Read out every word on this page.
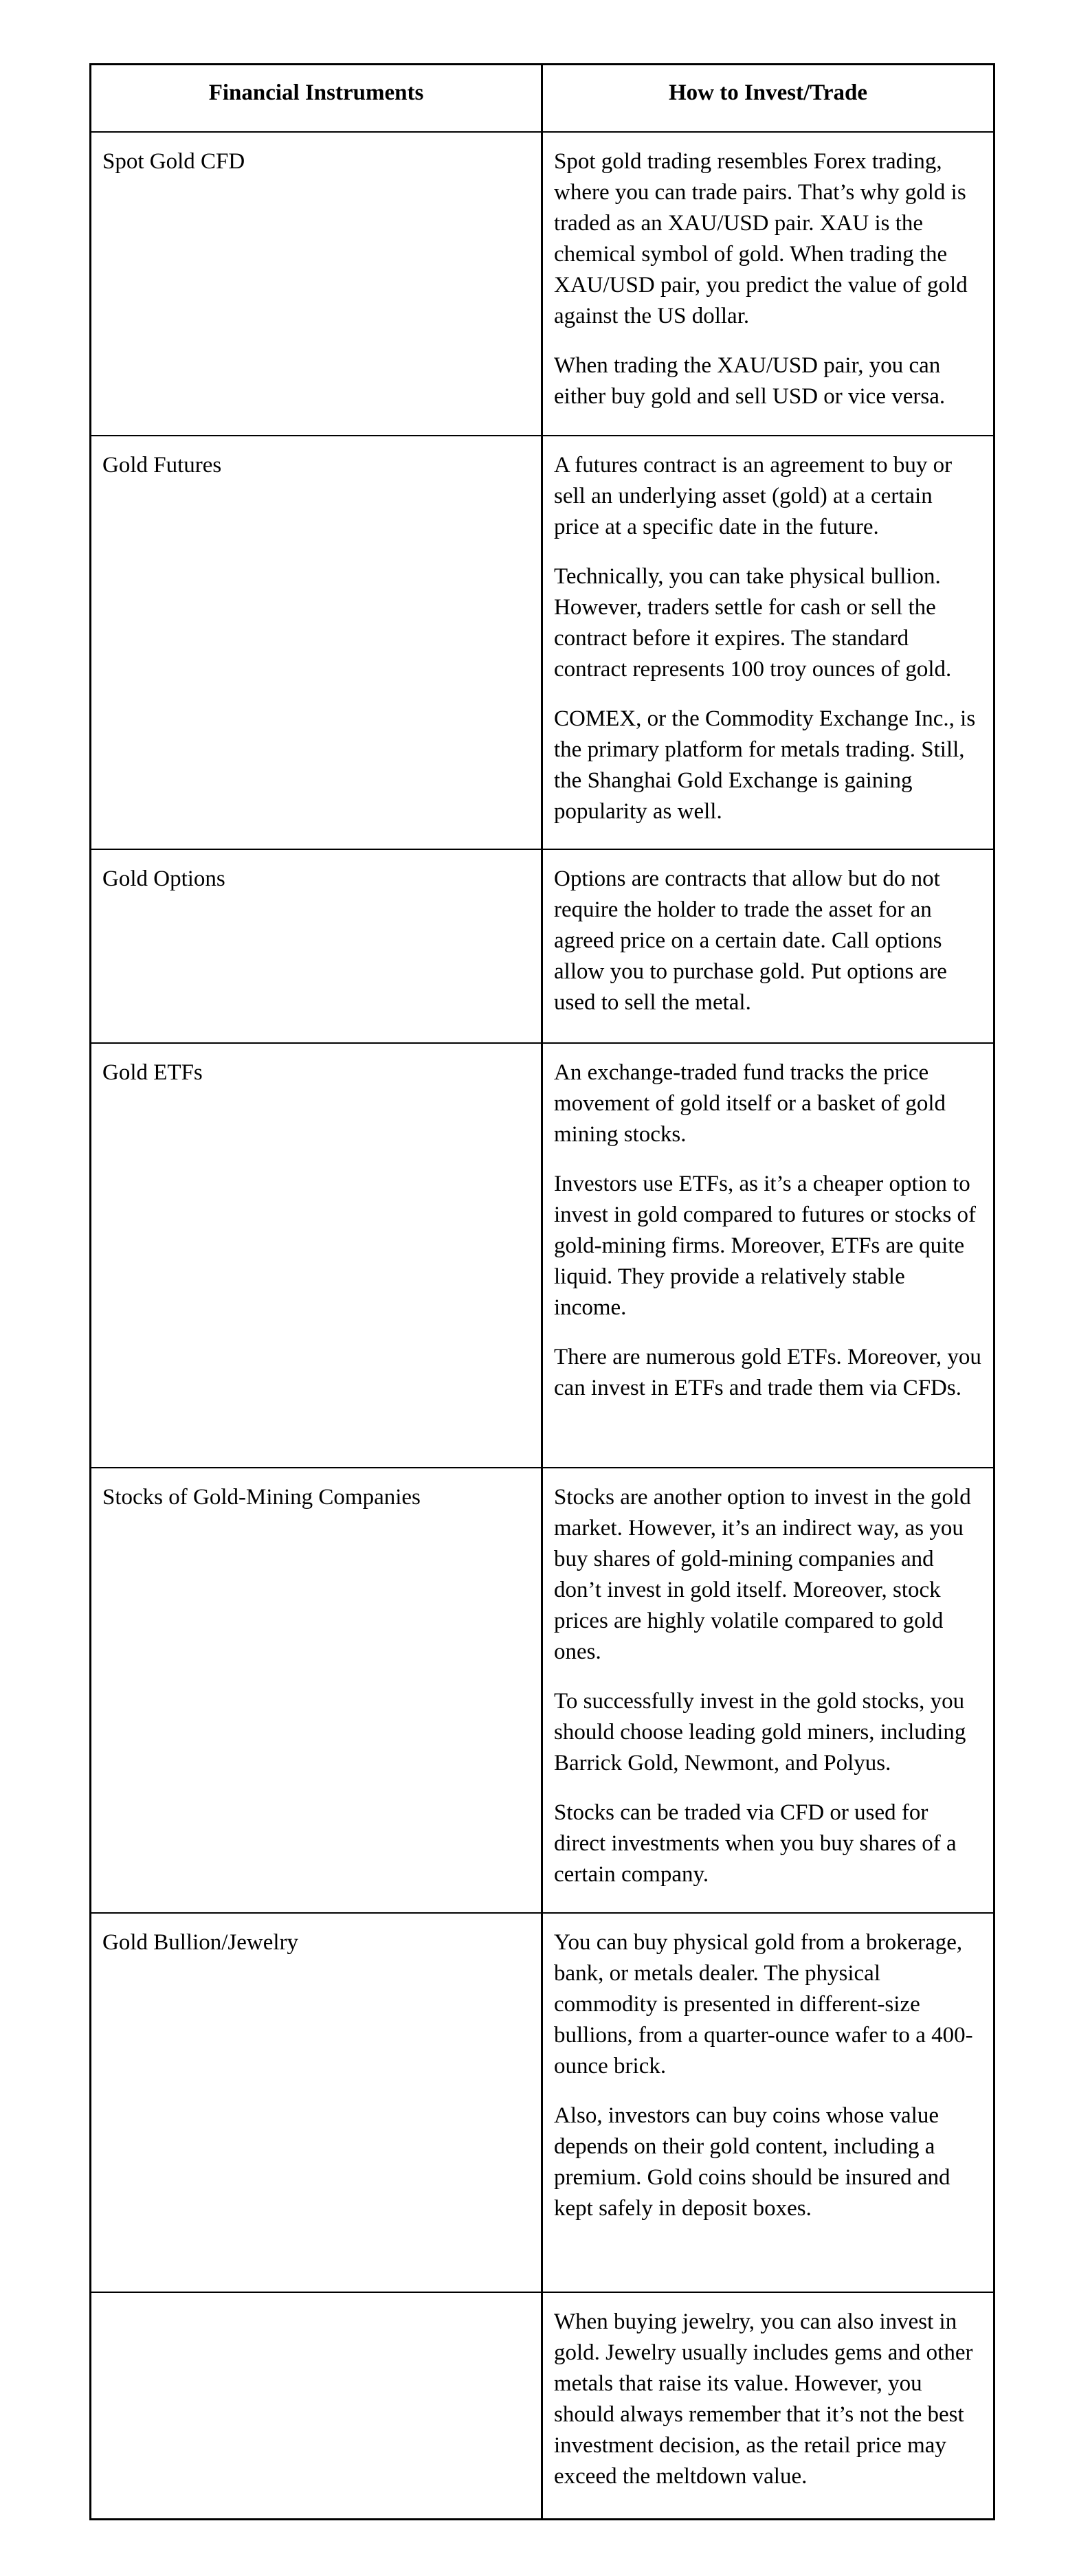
Financial Instruments	How to Invest/Trade
Spot Gold CFD	Spot gold trading resembles Forex trading, where you can trade pairs. That’s why gold is traded as an XAU/USD pair. XAU is the chemical symbol of gold. When trading the XAU/USD pair, you predict the value of gold against the US dollar.

When trading the XAU/USD pair, you can either buy gold and sell USD or vice versa.

Gold Futures	A futures contract is an agreement to buy or sell an underlying asset (gold) at a certain price at a specific date in the future.

Technically, you can take physical bullion. However, traders settle for cash or sell the contract before it expires. The standard contract represents 100 troy ounces of gold.

COMEX, or the Commodity Exchange Inc., is the primary platform for metals trading. Still, the Shanghai Gold Exchange is gaining popularity as well.

Gold Options	Options are contracts that allow but do not require the holder to trade the asset for an agreed price on a certain date. Call options allow you to purchase gold. Put options are used to sell the metal.

Gold ETFs	An exchange-traded fund tracks the price movement of gold itself or a basket of gold mining stocks.

Investors use ETFs, as it’s a cheaper option to invest in gold compared to futures or stocks of gold-mining firms. Moreover, ETFs are quite liquid. They provide a relatively stable income.

There are numerous gold ETFs. Moreover, you can invest in ETFs and trade them via CFDs.

Stocks of Gold-Mining Companies	Stocks are another option to invest in the gold market. However, it’s an indirect way, as you buy shares of gold-mining companies and don’t invest in gold itself. Moreover, stock prices are highly volatile compared to gold ones.

To successfully invest in the gold stocks, you should choose leading gold miners, including Barrick Gold, Newmont, and Polyus.

Stocks can be traded via CFD or used for direct investments when you buy shares of a certain company.

Gold Bullion/Jewelry	You can buy physical gold from a brokerage, bank, or metals dealer. The physical commodity is presented in different-size bullions, from a quarter-ounce wafer to a 400-ounce brick.

Also, investors can buy coins whose value depends on their gold content, including a premium. Gold coins should be insured and kept safely in deposit boxes.

	When buying jewelry, you can also invest in gold. Jewelry usually includes gems and other metals that raise its value. However, you should always remember that it’s not the best investment decision, as the retail price may exceed the meltdown value.
